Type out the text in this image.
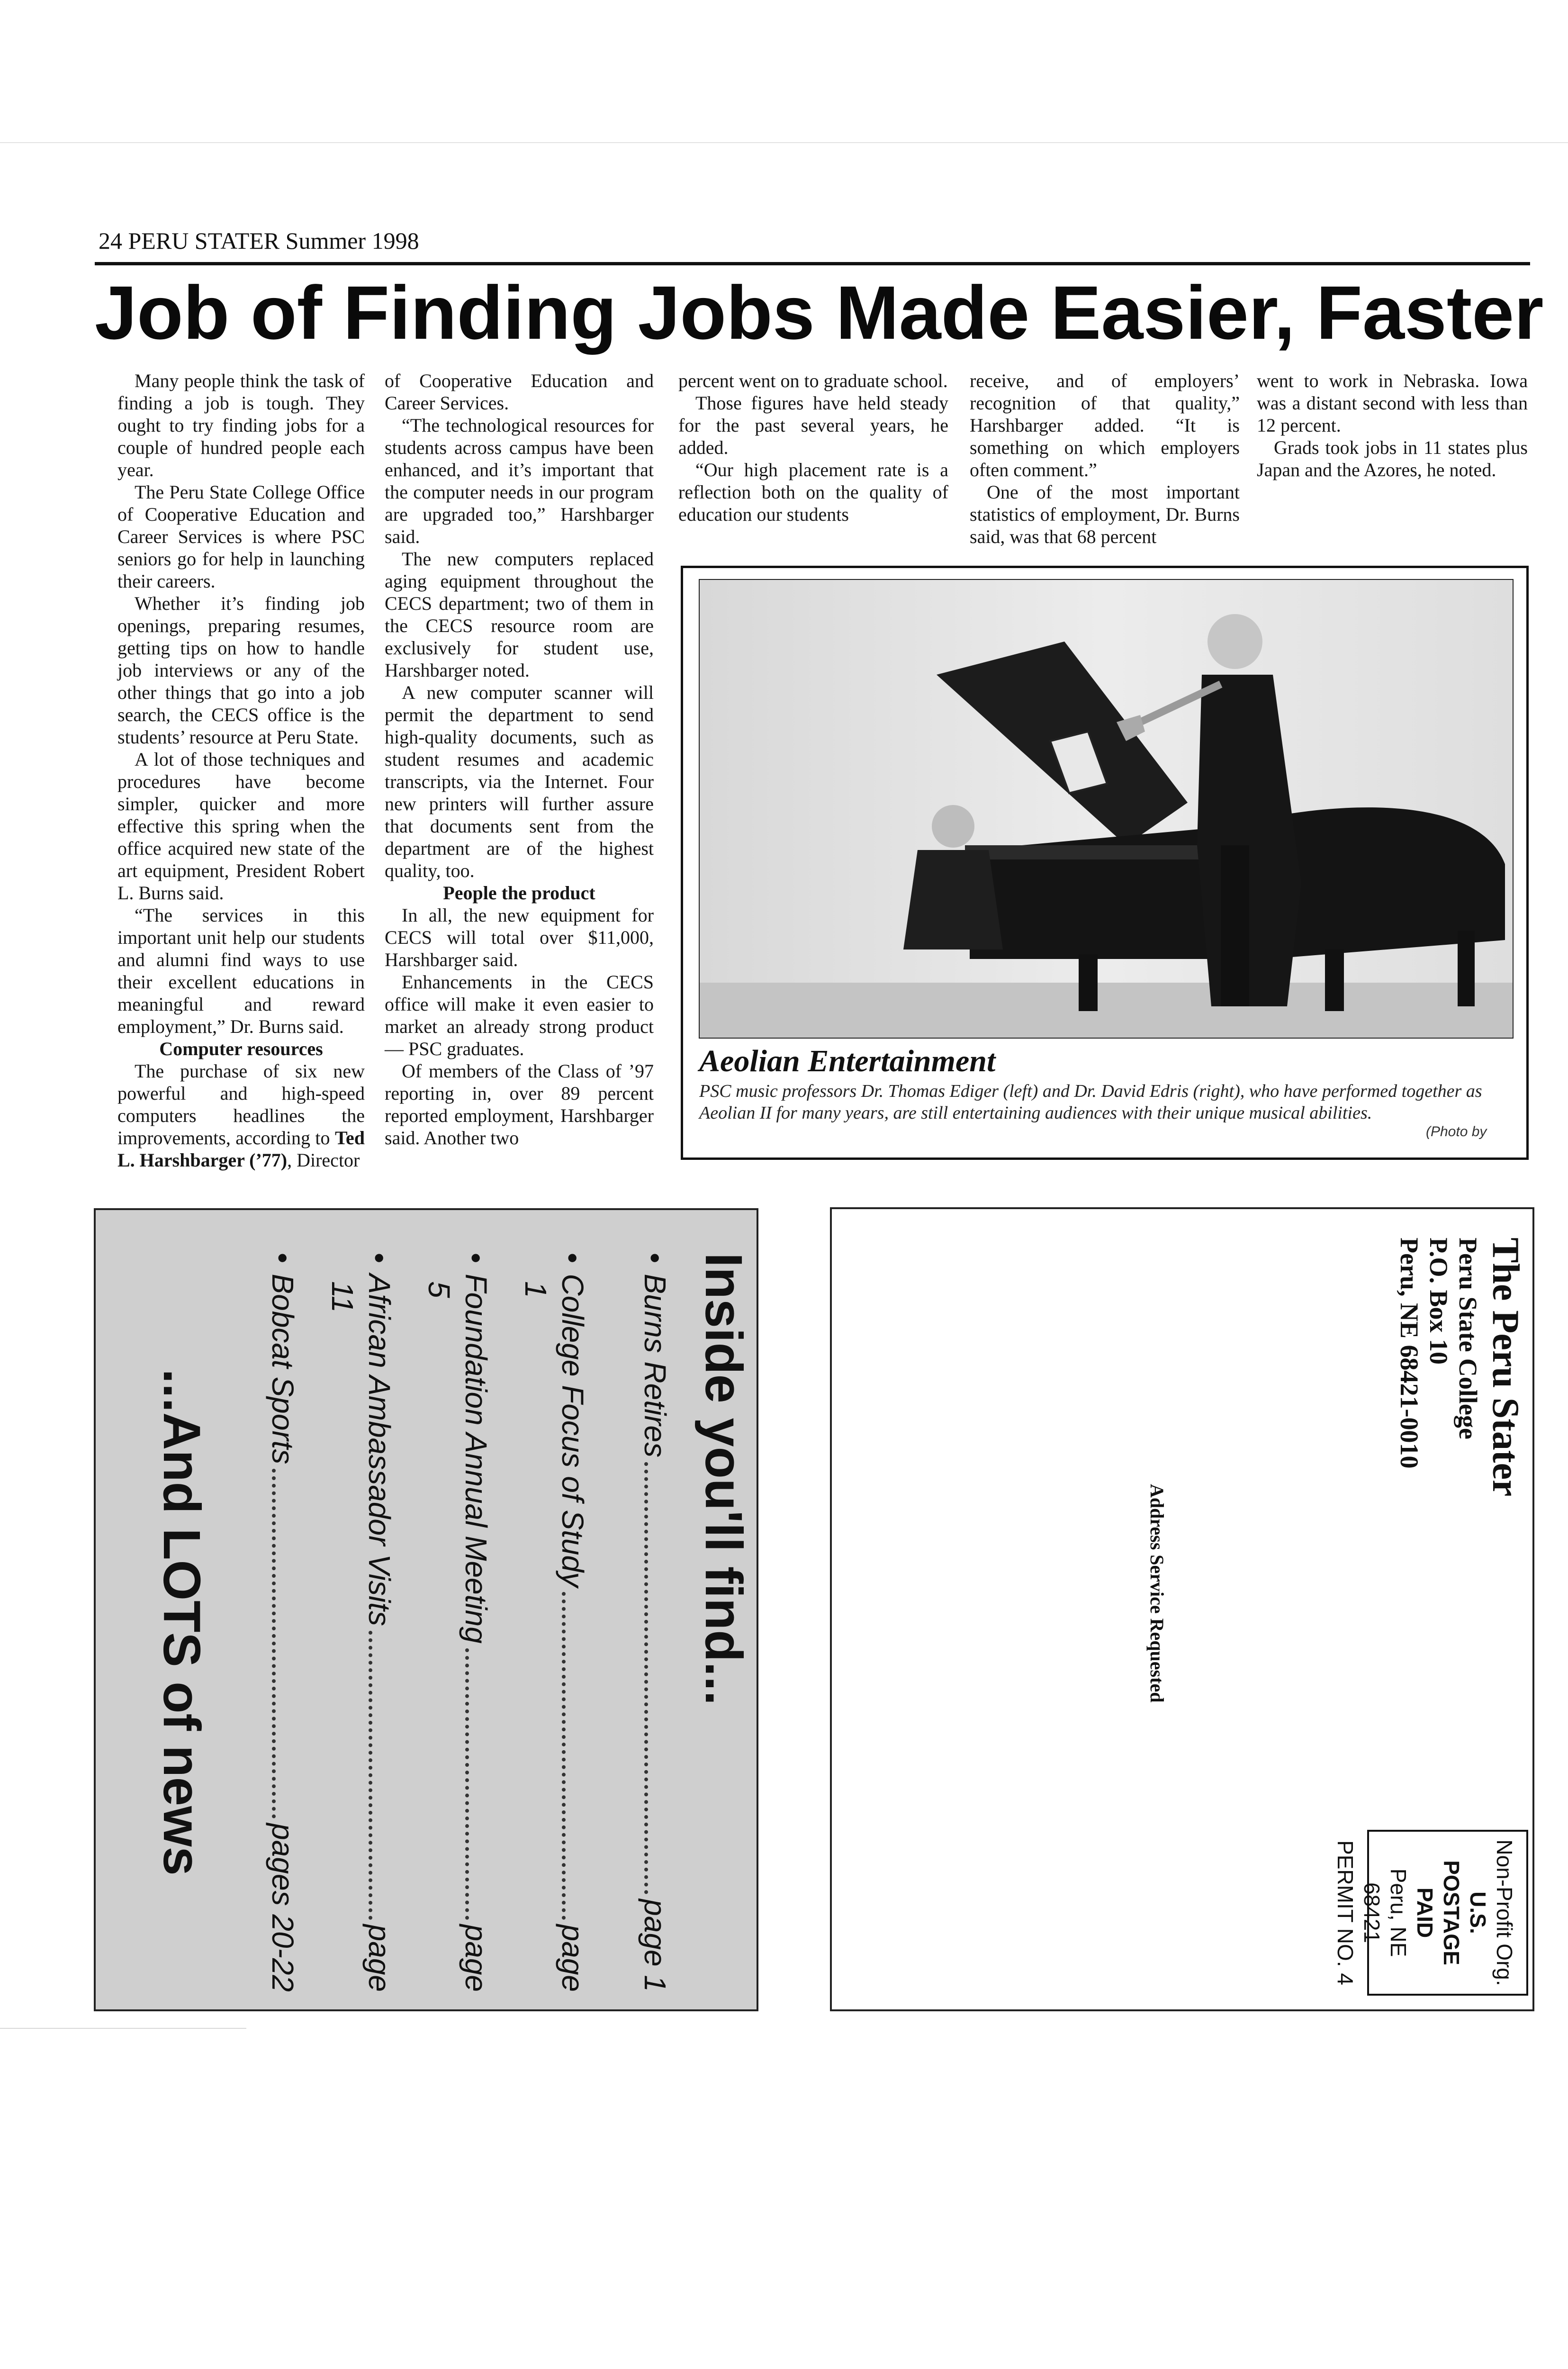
24 PERU STATER Summer 1998
Job of Finding Jobs Made Easier, Faster

Many people think the task of finding a job is tough. They ought to try finding jobs for a couple of hundred people each year.

The Peru State College Office of Cooperative Education and Career Services is where PSC seniors go for help in launching their careers.

Whether it’s finding job openings, preparing resumes, getting tips on how to handle job interviews or any of the other things that go into a job search, the CECS office is the students’ resource at Peru State.

A lot of those techniques and procedures have become simpler, quicker and more effective this spring when the office acquired new state of the art equipment, President Robert L. Burns said.

“The services in this important unit help our students and alumni find ways to use their excellent educations in meaningful and reward employment,” Dr. Burns said.

Computer resources

The purchase of six new powerful and high-speed computers headlines the improvements, according to Ted L. Harshbarger (’77), Director

of Cooperative Education and Career Services.

“The technological resources for students across campus have been enhanced, and it’s important that the computer needs in our program are upgraded too,” Harshbarger said.

The new computers replaced aging equipment throughout the CECS department; two of them in the CECS resource room are exclusively for student use, Harshbarger noted.

A new computer scanner will permit the department to send high-quality documents, such as student resumes and academic transcripts, via the Internet. Four new printers will further assure that documents sent from the department are of the highest quality, too.

People the product

In all, the new equipment for CECS will total over $11,000, Harshbarger said.

Enhancements in the CECS office will make it even easier to market an already strong product — PSC graduates.

Of members of the Class of ’97 reporting in, over 89 percent reported employment, Harshbarger said. Another two

percent went on to graduate school.

Those figures have held steady for the past several years, he added.

“Our high placement rate is a reflection both on the quality of education our students

receive, and of employers’ recognition of that quality,” Harshbarger added. “It is something on which employers often comment.”

One of the most important statistics of employment, Dr. Burns said, was that 68 percent

went to work in Nebraska. Iowa was a distant second with less than 12 percent.

Grads took jobs in 11 states plus Japan and the Azores, he noted.

Aeolian Entertainment
PSC music professors Dr. Thomas Ediger (left) and Dr. David Edris (right), who have performed together as Aeolian II for many years, are still entertaining audiences with their unique musical abilities.
(Photo by
Inside you'll find...
•
Burns Retires
page 1
•
College Focus of Study
page
1
•
Foundation Annual Meeting
page
5
•
African Ambassador Visits
page
11
•
Bobcat Sports
pages 20-22
...And LOTS of news
The Peru Stater
Peru State College
P.O. Box 10
Peru, NE 68421-0010
Address Service Requested
Non-Profit Org.
U.S. POSTAGE
PAID
Peru, NE 68421
PERMIT NO. 4
